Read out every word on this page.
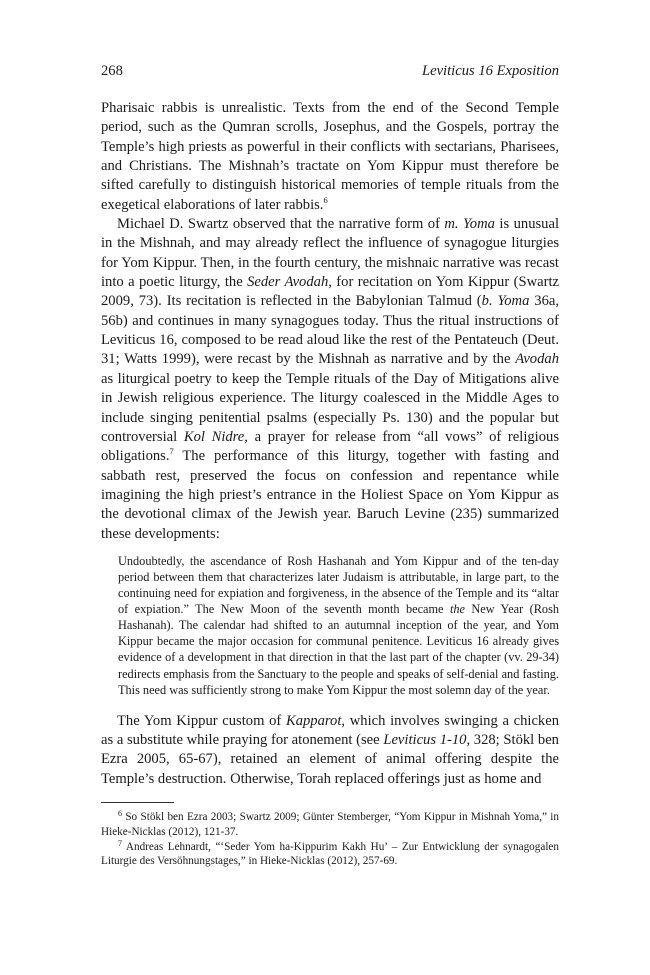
268	Leviticus 16 Exposition

Pharisaic rabbis is unrealistic. Texts from the end of the Second Temple period, such as the Qumran scrolls, Josephus, and the Gospels, portray the Temple’s high priests as powerful in their conflicts with sectarians, Pharisees, and Christians. The Mishnah’s tractate on Yom Kippur must therefore be sifted carefully to distinguish historical memories of temple rituals from the exegetical elaborations of later rabbis.$^6$

Michael D. Swartz observed that the narrative form of m. Yoma is unusual in the Mishnah, and may already reflect the influence of synagogue liturgies for Yom Kippur. Then, in the fourth century, the mishnaic narrative was recast into a poetic liturgy, the Seder Avodah, for recitation on Yom Kippur (Swartz 2009, 73). Its recitation is reflected in the Babylonian Talmud (b. Yoma 36a, 56b) and continues in many synagogues today. Thus the ritual instructions of Leviticus 16, composed to be read aloud like the rest of the Pentateuch (Deut. 31; Watts 1999), were recast by the Mishnah as narrative and by the Avodah as liturgical poetry to keep the Temple rituals of the Day of Mitigations alive in Jewish religious experience. The liturgy coalesced in the Middle Ages to include singing penitential psalms (especially Ps. 130) and the popular but controversial Kol Nidre, a prayer for release from “all vows” of religious obligations.$^7$ The performance of this liturgy, together with fasting and sabbath rest, preserved the focus on confession and repentance while imagining the high priest’s entrance in the Holiest Space on Yom Kippur as the devotional climax of the Jewish year. Baruch Levine (235) summarized these developments:

Undoubtedly, the ascendance of Rosh Hashanah and Yom Kippur and of the ten-day period between them that characterizes later Judaism is attributable, in large part, to the continuing need for expiation and forgiveness, in the absence of the Temple and its “altar of expiation.” The New Moon of the seventh month became the New Year (Rosh Hashanah). The calendar had shifted to an autumnal inception of the year, and Yom Kippur became the major occasion for communal penitence. Leviticus 16 already gives evidence of a development in that direction in that the last part of the chapter (vv. 29-34) redirects emphasis from the Sanctuary to the people and speaks of self-denial and fasting. This need was sufficiently strong to make Yom Kippur the most solemn day of the year.

The Yom Kippur custom of Kapparot, which involves swinging a chicken as a substitute while praying for atonement (see Leviticus 1-10, 328; Stökl ben Ezra 2005, 65-67), retained an element of animal offering despite the Temple’s destruction. Otherwise, Torah replaced offerings just as home and

$^6$ So Stökl ben Ezra 2003; Swartz 2009; Günter Stemberger, “Yom Kippur in Mishnah Yoma,” in Hieke-Nicklas (2012), 121-37.

$^7$ Andreas Lehnardt, “‘Seder Yom ha-Kippurim Kakh Hu’ – Zur Entwicklung der synagogalen Liturgie des Versöhnungstages,” in Hieke-Nicklas (2012), 257-69.
